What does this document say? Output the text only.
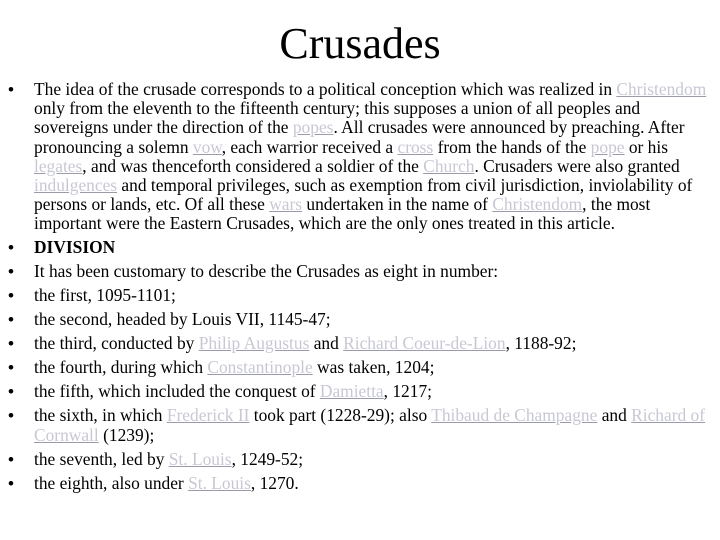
Crusades
• The idea of the crusade corresponds to a political conception which was realized in Christendom only from the eleventh to the fifteenth century; this supposes a union of all peoples and sovereigns under the direction of the popes. All crusades were announced by preaching. After pronouncing a solemn vow, each warrior received a cross from the hands of the pope or his legates, and was thenceforth considered a soldier of the Church. Crusaders were also granted indulgences and temporal privileges, such as exemption from civil jurisdiction, inviolability of persons or lands, etc. Of all these wars undertaken in the name of Christendom, the most important were the Eastern Crusades, which are the only ones treated in this article.
• DIVISION
• It has been customary to describe the Crusades as eight in number:
• the first, 1095-1101;
• the second, headed by Louis VII, 1145-47;
• the third, conducted by Philip Augustus and Richard Coeur-de-Lion, 1188-92;
• the fourth, during which Constantinople was taken, 1204;
• the fifth, which included the conquest of Damietta, 1217;
• the sixth, in which Frederick II took part (1228-29); also Thibaud de Champagne and Richard of Cornwall (1239);
• the seventh, led by St. Louis, 1249-52;
• the eighth, also under St. Louis, 1270.
